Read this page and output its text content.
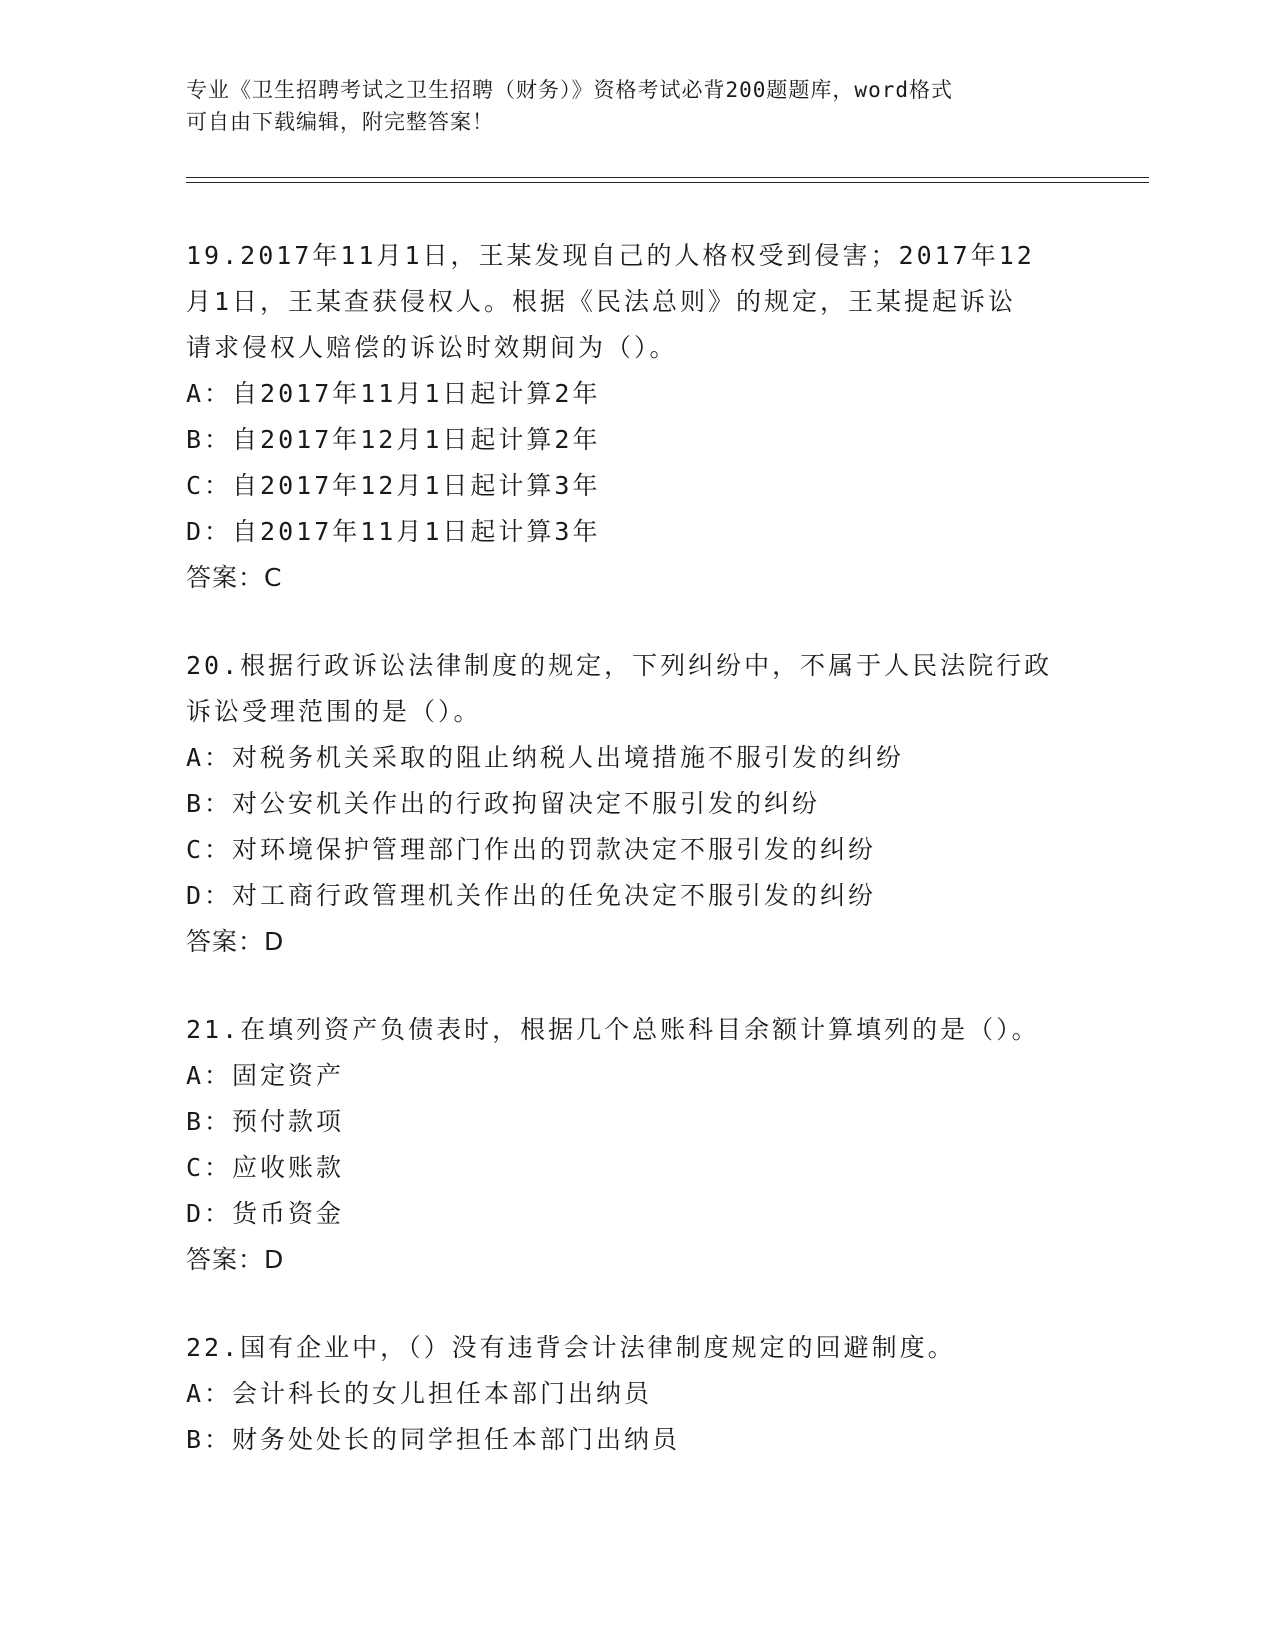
专业《卫生招聘考试之卫生招聘（财务）》资格考试必背200题题库，word格式
可自由下载编辑，附完整答案！

19.2017年11月1日，王某发现自己的人格权受到侵害；2017年12

月1日，王某查获侵权人。根据《民法总则》的规定，王某提起诉讼

请求侵权人赔偿的诉讼时效期间为（）。

A：自2017年11月1日起计算2年

B：自2017年12月1日起计算2年

C：自2017年12月1日起计算3年

D：自2017年11月1日起计算3年

答案：C

20.根据行政诉讼法律制度的规定，下列纠纷中，不属于人民法院行政

诉讼受理范围的是（）。

A：对税务机关采取的阻止纳税人出境措施不服引发的纠纷

B：对公安机关作出的行政拘留决定不服引发的纠纷

C：对环境保护管理部门作出的罚款决定不服引发的纠纷

D：对工商行政管理机关作出的任免决定不服引发的纠纷

答案：D

21.在填列资产负债表时，根据几个总账科目余额计算填列的是（）。

A：固定资产

B：预付款项

C：应收账款

D：货币资金

答案：D

22.国有企业中，（）没有违背会计法律制度规定的回避制度。

A：会计科长的女儿担任本部门出纳员

B：财务处处长的同学担任本部门出纳员
